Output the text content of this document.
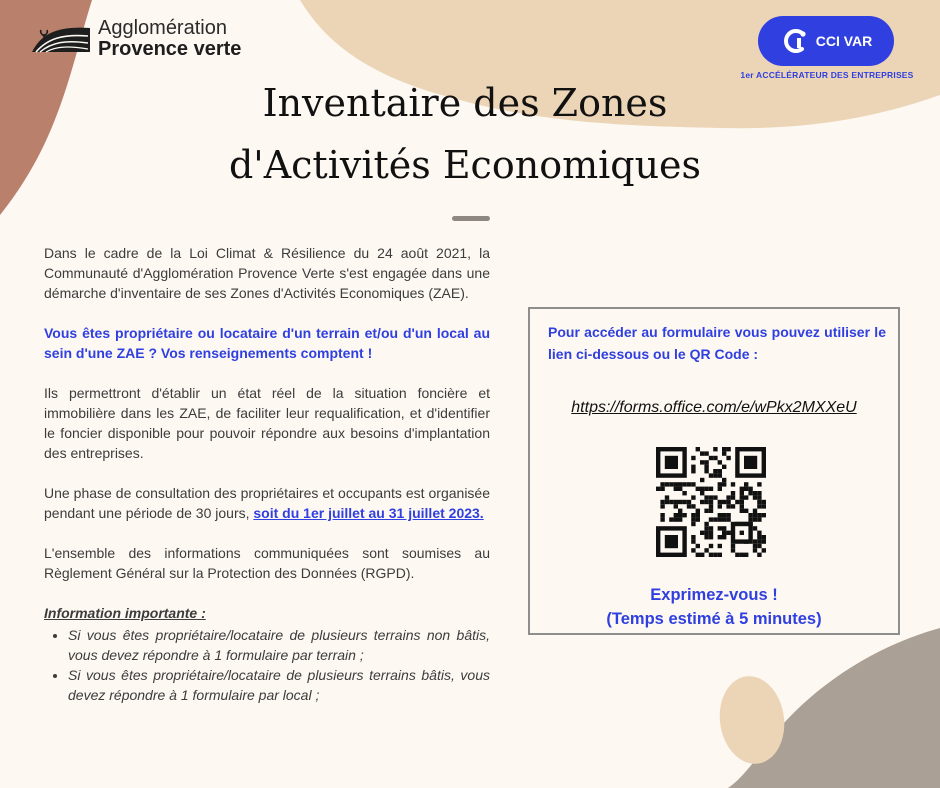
Agglomération
Provence verte	CCI VAR
1er ACCÉLÉRATEUR DES ENTREPRISES
Inventaire des Zones
d'Activités Economiques

Dans le cadre de la Loi Climat & Résilience du 24 août 2021, la Communauté d'Agglomération Provence Verte s'est engagée dans une démarche d'inventaire de ses Zones d'Activités Economiques (ZAE).

Vous êtes propriétaire ou locataire d'un terrain et/ou d'un local au sein d'une ZAE ? Vos renseignements comptent !

Ils permettront d'établir un état réel de la situation foncière et immobilière dans les ZAE, de faciliter leur requalification, et d'identifier le foncier disponible pour pouvoir répondre aux besoins d'implantation des entreprises.

Une phase de consultation des propriétaires et occupants est organisée pendant une période de 30 jours, soit du 1er juillet au 31 juillet 2023.

L'ensemble des informations communiquées sont soumises au Règlement Général sur la Protection des Données (RGPD).

Information importante :
• Si vous êtes propriétaire/locataire de plusieurs terrains non bâtis, vous devez répondre à 1 formulaire par terrain ;
• Si vous êtes propriétaire/locataire de plusieurs terrains bâtis, vous devez répondre à 1 formulaire par local ;
Pour accéder au formulaire vous pouvez utiliser le lien ci-dessous ou le QR Code :
https://forms.office.com/e/wPkx2MXXeU
Exprimez-vous !
(Temps estimé à 5 minutes)
